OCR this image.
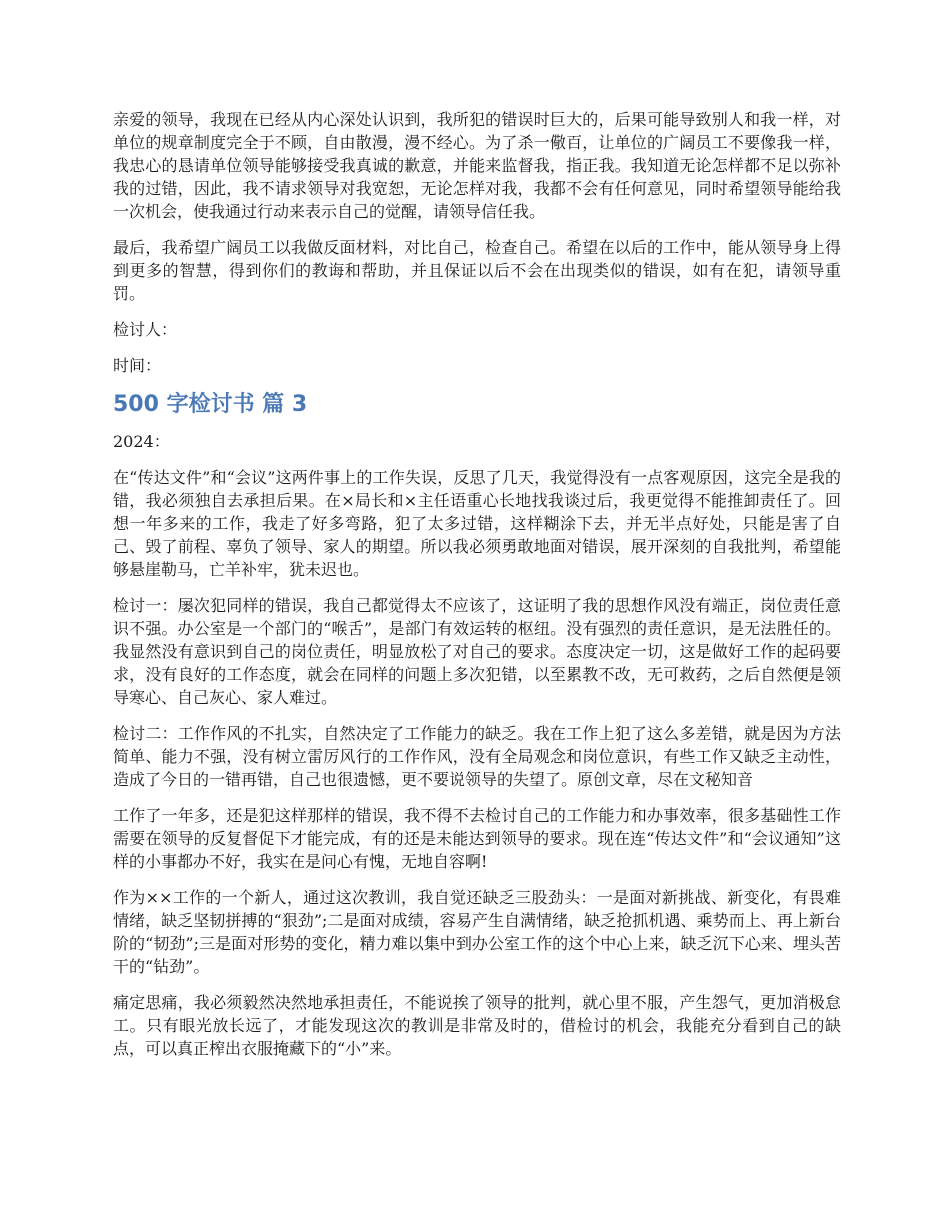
亲爱的领导，我现在已经从内心深处认识到，我所犯的错误时巨大的，后果可能导致别人和我一样，对单位的规章制度完全于不顾，自由散漫，漫不经心。为了杀一儆百，让单位的广阔员工不要像我一样，我忠心的恳请单位领导能够接受我真诚的歉意，并能来监督我，指正我。我知道无论怎样都不足以弥补我的过错，因此，我不请求领导对我宽恕，无论怎样对我，我都不会有任何意见，同时希望领导能给我一次机会，使我通过行动来表示自己的觉醒，请领导信任我。

最后，我希望广阔员工以我做反面材料，对比自己，检查自己。希望在以后的工作中，能从领导身上得到更多的智慧，得到你们的教诲和帮助，并且保证以后不会在出现类似的错误，如有在犯，请领导重罚。

检讨人：

时间：

500 字检讨书 篇 3

2024：

在“传达文件”和“会议”这两件事上的工作失误，反思了几天，我觉得没有一点客观原因，这完全是我的错，我必须独自去承担后果。在×局长和×主任语重心长地找我谈过后，我更觉得不能推卸责任了。回想一年多来的工作，我走了好多弯路，犯了太多过错，这样糊涂下去，并无半点好处，只能是害了自己、毁了前程、辜负了领导、家人的期望。所以我必须勇敢地面对错误，展开深刻的自我批判，希望能够悬崖勒马，亡羊补牢，犹未迟也。

检讨一：屡次犯同样的错误，我自己都觉得太不应该了，这证明了我的思想作风没有端正，岗位责任意识不强。办公室是一个部门的“喉舌”，是部门有效运转的枢纽。没有强烈的责任意识，是无法胜任的。我显然没有意识到自己的岗位责任，明显放松了对自己的要求。态度决定一切，这是做好工作的起码要求，没有良好的工作态度，就会在同样的问题上多次犯错，以至累教不改，无可救药，之后自然便是领导寒心、自己灰心、家人难过。

检讨二：工作作风的不扎实，自然决定了工作能力的缺乏。我在工作上犯了这么多差错，就是因为方法简单、能力不强，没有树立雷厉风行的工作作风，没有全局观念和岗位意识，有些工作又缺乏主动性，造成了今日的一错再错，自己也很遗憾，更不要说领导的失望了。原创文章，尽在文秘知音

工作了一年多，还是犯这样那样的错误，我不得不去检讨自己的工作能力和办事效率，很多基础性工作需要在领导的反复督促下才能完成，有的还是未能达到领导的要求。现在连“传达文件”和“会议通知”这样的小事都办不好，我实在是问心有愧，无地自容啊!

作为××工作的一个新人，通过这次教训，我自觉还缺乏三股劲头：一是面对新挑战、新变化，有畏难情绪，缺乏坚韧拼搏的“狠劲”;二是面对成绩，容易产生自满情绪，缺乏抢抓机遇、乘势而上、再上新台阶的“韧劲”;三是面对形势的变化，精力难以集中到办公室工作的这个中心上来，缺乏沉下心来、埋头苦干的“钻劲”。

痛定思痛，我必须毅然决然地承担责任，不能说挨了领导的批判，就心里不服，产生怨气，更加消极怠工。只有眼光放长远了，才能发现这次的教训是非常及时的，借检讨的机会，我能充分看到自己的缺点，可以真正榨出衣服掩藏下的“小”来。
